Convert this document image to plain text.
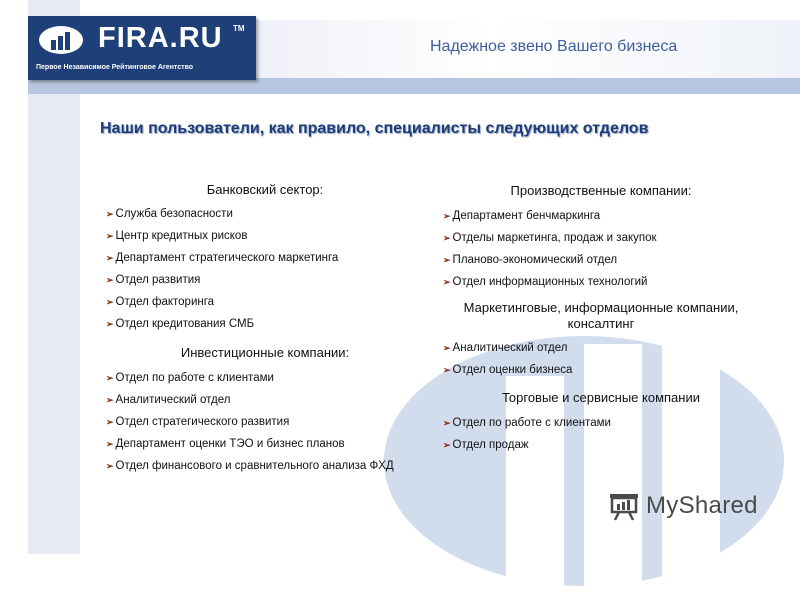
FIRA.RU TM
Первое Независимое Рейтинговое Агентство
Надежное звено Вашего бизнеса
Наши пользователи, как правило, специалисты следующих отделов
Банковский сектор:
➢ Служба безопасности
➢ Центр кредитных рисков
➢ Департамент стратегического маркетинга
➢ Отдел развития
➢ Отдел факторинга
➢ Отдел кредитования СМБ
Инвестиционные компании:
➢ Отдел по работе с клиентами
➢ Аналитический отдел
➢ Отдел стратегического развития
➢ Департамент оценки ТЭО и бизнес планов
➢ Отдел финансового и сравнительного анализа ФХД
Производственные компании:
➢ Департамент бенчмаркинга
➢ Отделы маркетинга, продаж и закупок
➢ Планово-экономический отдел
➢ Отдел информационных технологий
Маркетинговые, информационные компании,
консалтинг
➢ Аналитический отдел
➢ Отдел оценки бизнеса
Торговые и сервисные компании
➢ Отдел по работе с клиентами
➢ Отдел продаж
MyShared
